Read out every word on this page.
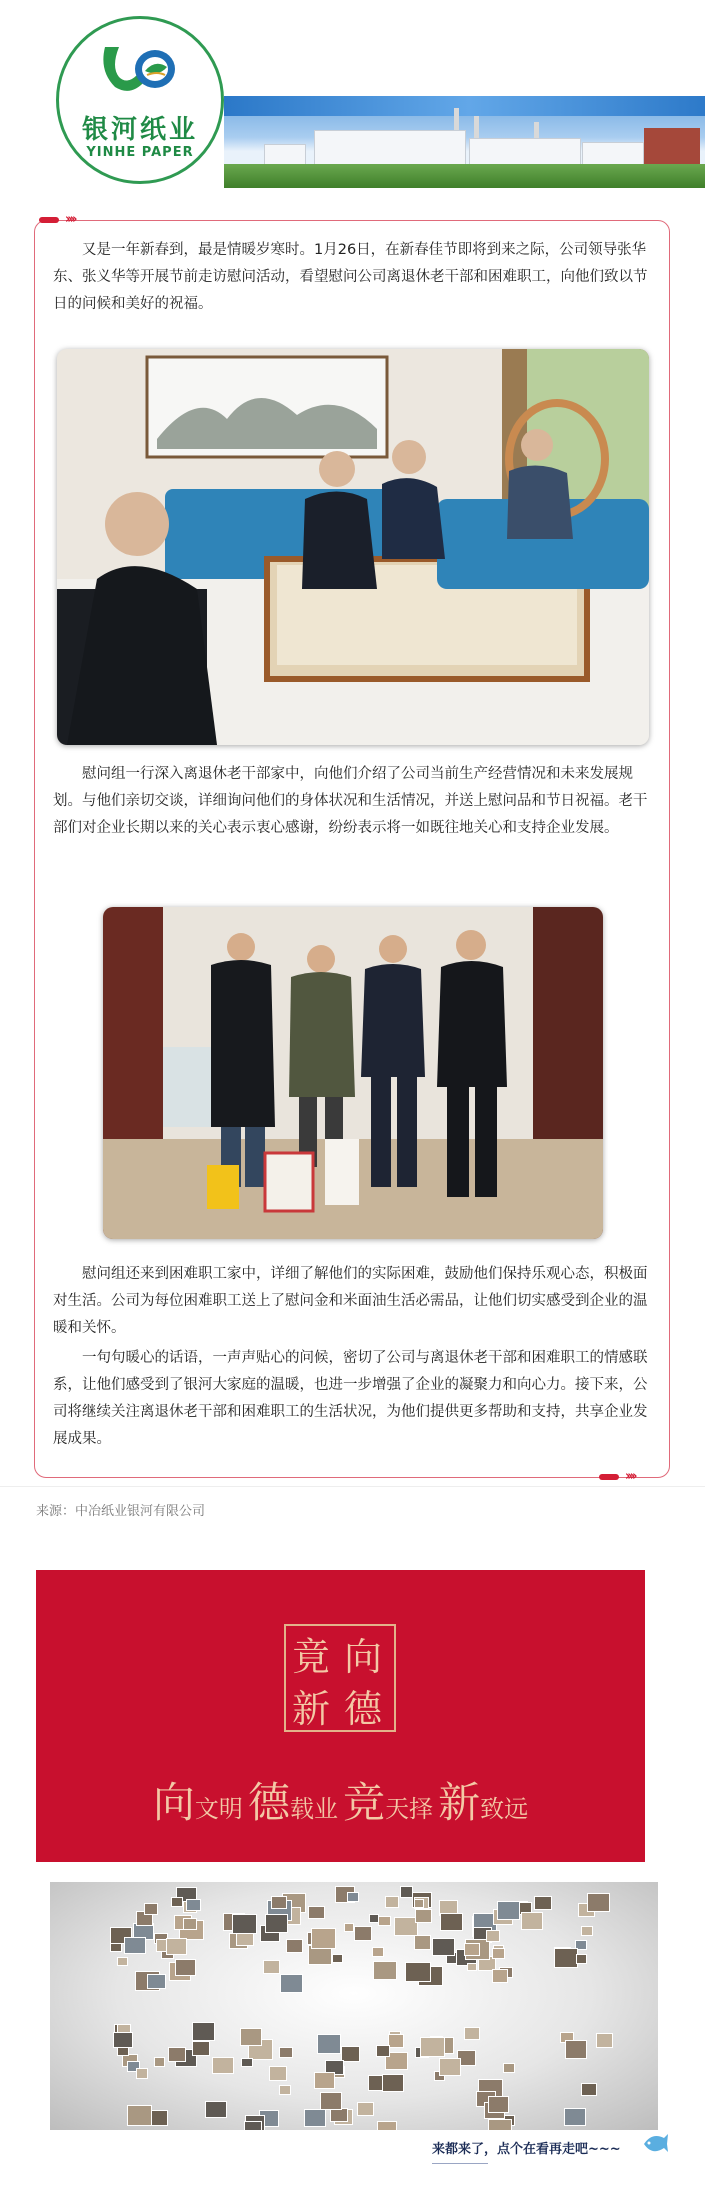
银河纸业
YINHE PAPER
››››

又是一年新春到，最是情暖岁寒时。1月26日，在新春佳节即将到来之际，公司领导张华东、张义华等开展节前走访慰问活动，看望慰问公司离退休老干部和困难职工，向他们致以节日的问候和美好的祝福。

慰问组一行深入离退休老干部家中，向他们介绍了公司当前生产经营情况和未来发展规划。与他们亲切交谈，详细询问他们的身体状况和生活情况，并送上慰问品和节日祝福。老干部们对企业长期以来的关心表示衷心感谢，纷纷表示将一如既往地关心和支持企业发展。

慰问组还来到困难职工家中，详细了解他们的实际困难，鼓励他们保持乐观心态，积极面对生活。公司为每位困难职工送上了慰问金和米面油生活必需品，让他们切实感受到企业的温暖和关怀。

一句句暖心的话语，一声声贴心的问候，密切了公司与离退休老干部和困难职工的情感联系，让他们感受到了银河大家庭的温暖，也进一步增强了企业的凝聚力和向心力。接下来，公司将继续关注离退休老干部和困难职工的生活状况，为他们提供更多帮助和支持，共享企业发展成果。

››››
来源：中冶纸业银河有限公司
竟 向
新 德
向文明 德载业 竞天择 新致远
来都来了，点个在看再走吧~~~
